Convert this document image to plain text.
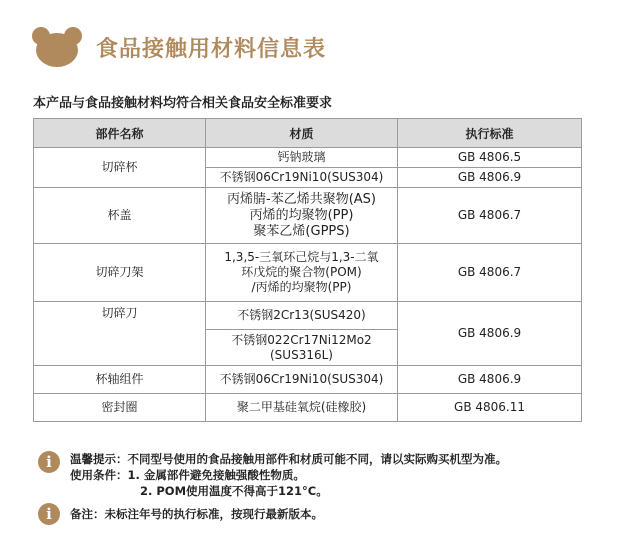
食品接触用材料信息表
本产品与食品接触材料均符合相关食品安全标准要求
部件名称	材质	执行标准
切碎杯	钙钠玻璃	GB 4806.5
	不锈钢06Cr19Ni10(SUS304)	GB 4806.9
杯盖	丙烯腈-苯乙烯共聚物(AS)
丙烯的均聚物(PP)
聚苯乙烯(GPPS)	GB 4806.7
切碎刀架	1,3,5-三氧环己烷与1,3-二氧
环戊烷的聚合物(POM)
/丙烯的均聚物(PP)	GB 4806.7
切碎刀	不锈钢2Cr13(SUS420)	GB 4806.9

	不锈钢022Cr17Ni12Mo2
(SUS316L)	

杯轴组件	不锈钢06Cr19Ni10(SUS304)	GB 4806.9
密封圈	聚二甲基硅氧烷(硅橡胶)	GB 4806.11
i	温馨提示：不同型号使用的食品接触用部件和材质可能不同，请以实际购买机型为准。
使用条件：1. 金属部件避免接触强酸性物质。
2. POM使用温度不得高于121°C。
i	备注：未标注年号的执行标准，按现行最新版本。
